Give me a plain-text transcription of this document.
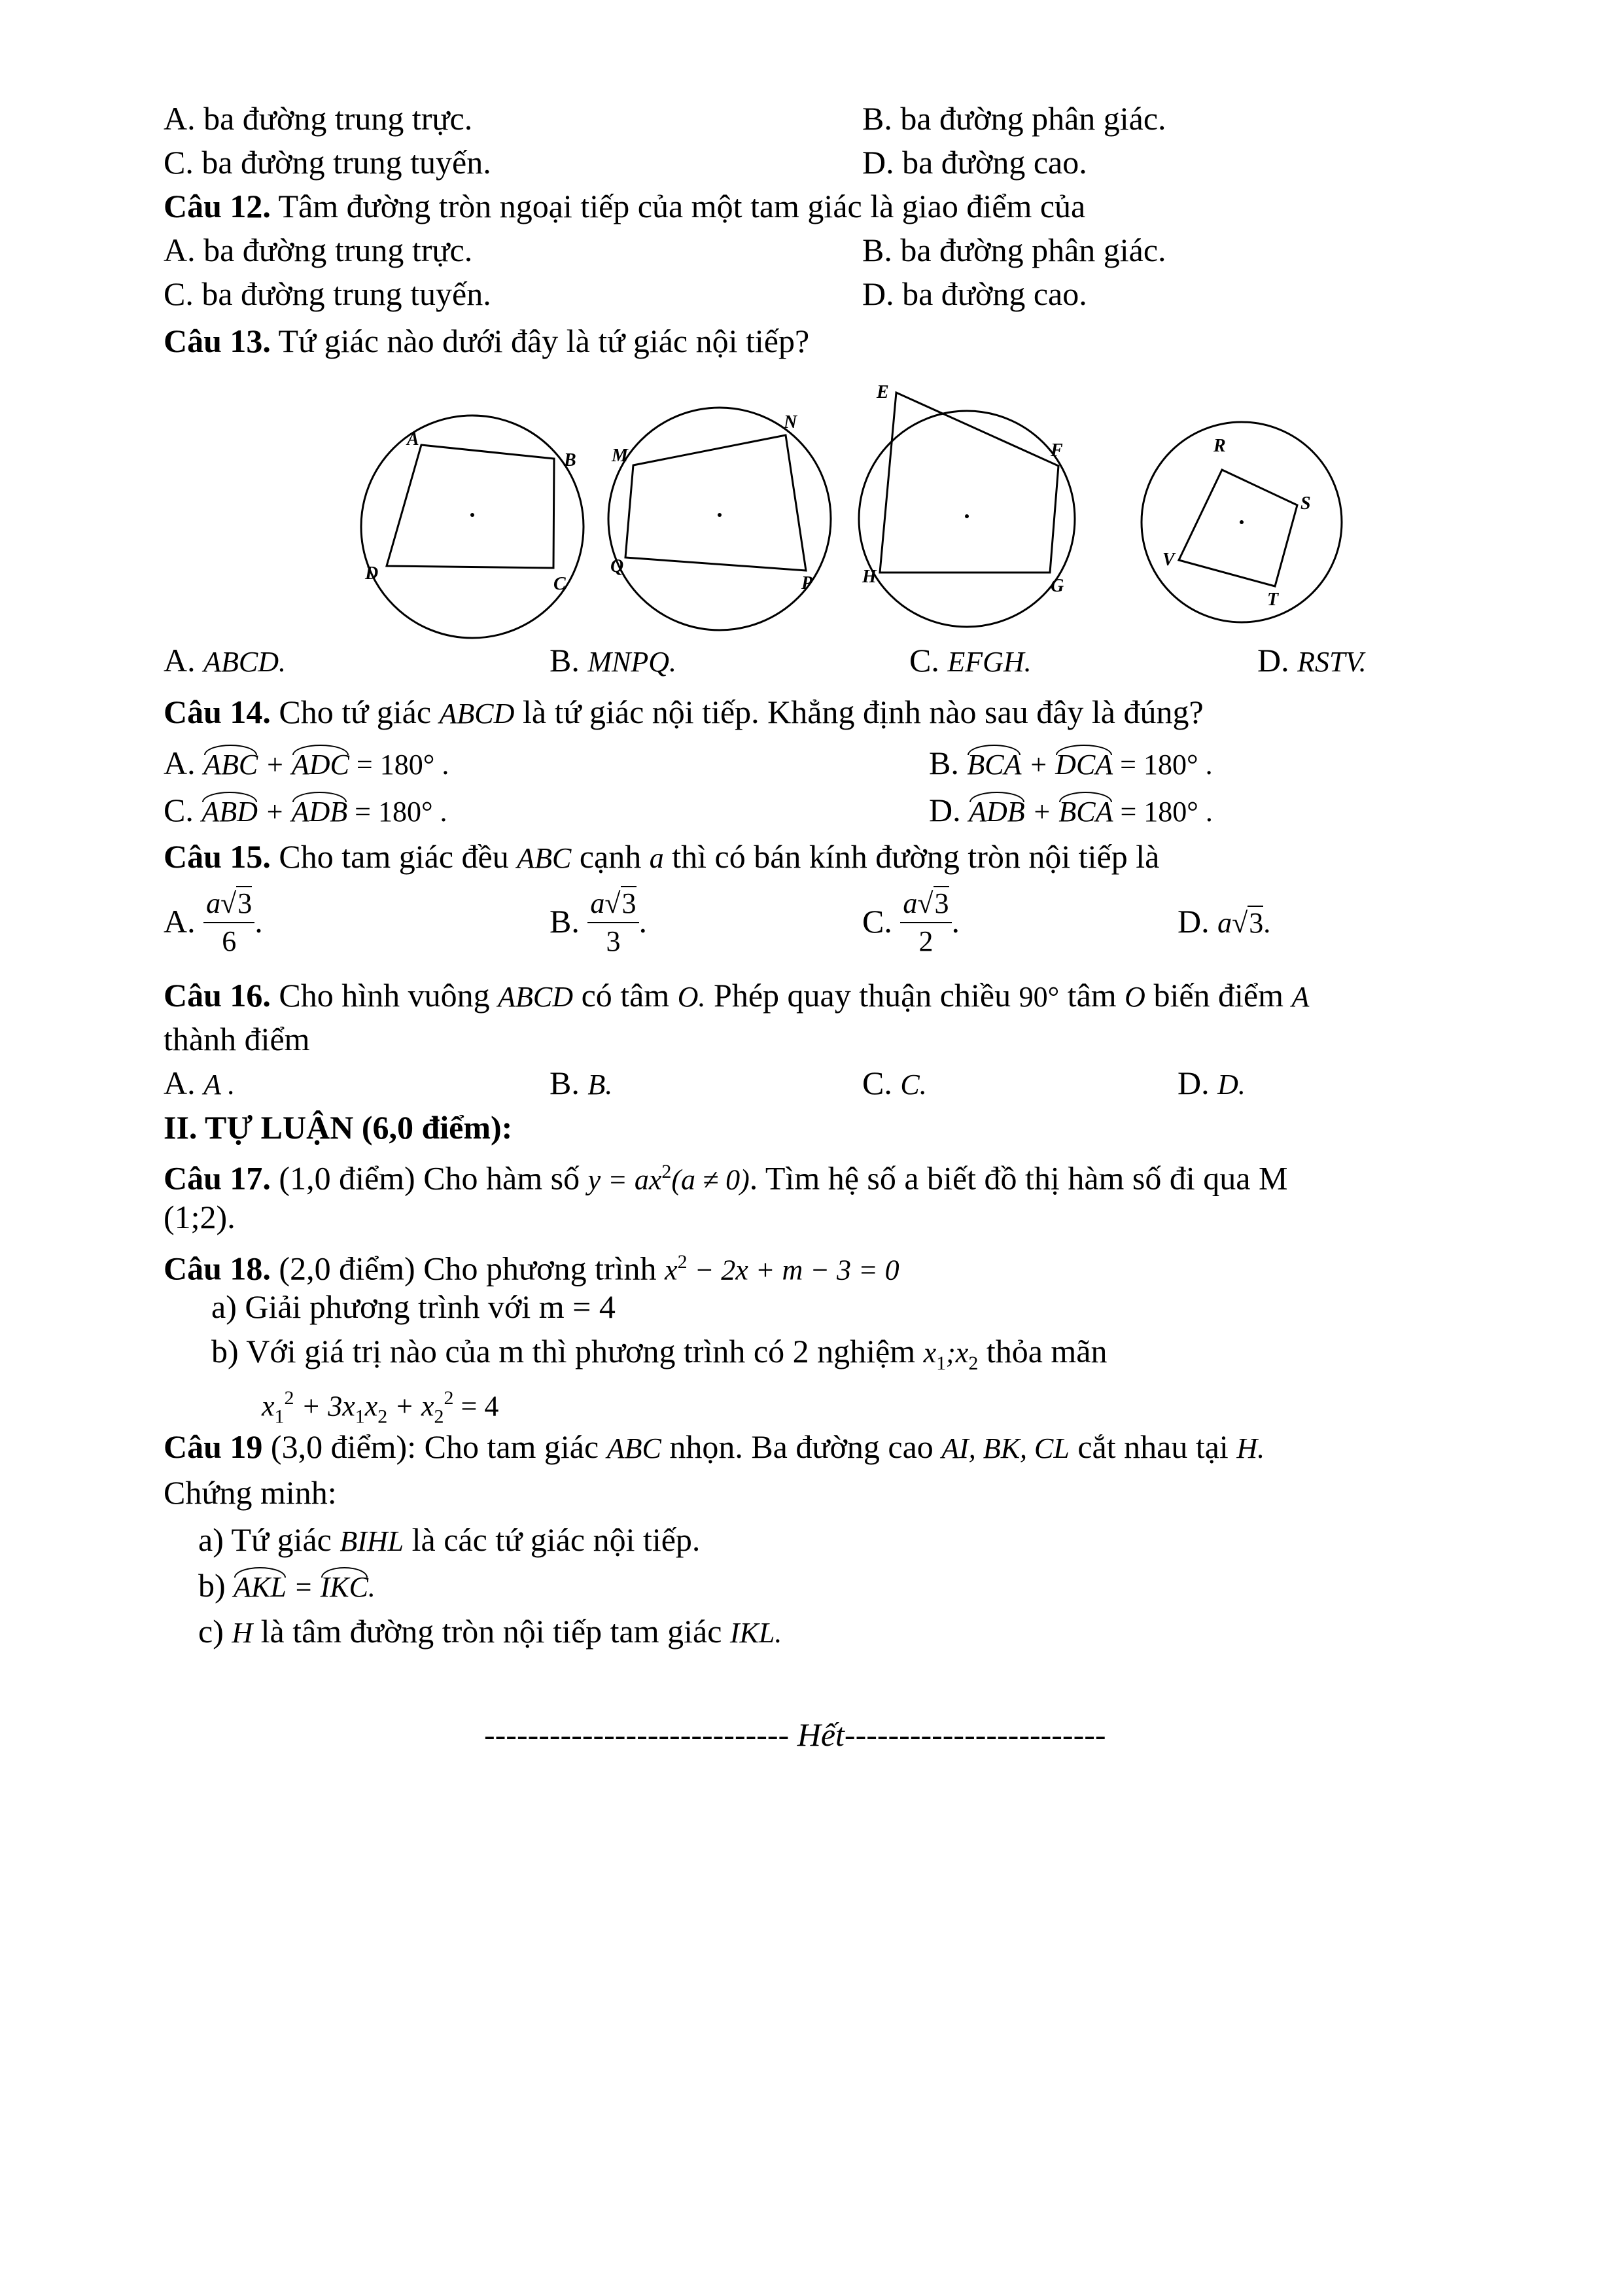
A. ba đường trung trực.	B. ba đường phân giác.
C. ba đường trung tuyến.	D. ba đường cao.
Câu 12. Tâm đường tròn ngoại tiếp của một tam giác là giao điểm của
A. ba đường trung trực.	B. ba đường phân giác.
C. ba đường trung tuyến.	D. ba đường cao.
Câu 13. Tứ giác nào dưới đây là tứ giác nội tiếp?
A
B
C
D
M
N
P
Q
E
F
G
H
R
S
T
V
A. ABCD.	B. MNPQ.	C. EFGH.	D. RSTV.
Câu 14. Cho tứ giác ABCD là tứ giác nội tiếp. Khẳng định nào sau đây là đúng?
A. ABC + ADC = 180° .	B. BCA + DCA = 180° .
C. ABD + ADB = 180° .	D. ADB + BCA = 180° .
Câu 15. Cho tam giác đều ABC cạnh a thì có bán kính đường tròn nội tiếp là
A. $\frac{a√3}{6}$ .	B. $\frac{a√3}{3}$ .	C. $\frac{a√3}{2}$ .	D. a√3.
Câu 16. Cho hình vuông ABCD có tâm O. Phép quay thuận chiều 90° tâm O biến điểm A
thành điểm
A. A .	B. B.	C. C.	D. D.
II. TỰ LUẬN (6,0 điểm):
Câu 17. (1,0 điểm) Cho hàm số $y = ax^2(a \ne 0)$. Tìm hệ số a biết đồ thị hàm số đi qua M
(1;2).
Câu 18. (2,0 điểm) Cho phương trình $x^2 - 2x + m - 3 = 0$
a) Giải phương trình với m = 4
b) Với giá trị nào của m thì phương trình có 2 nghiệm $x_1;x_2$ thỏa mãn
$x_1^2 + 3x_1x_2 + x_2^2 = 4$
Câu 19 (3,0 điểm): Cho tam giác ABC nhọn. Ba đường cao AI, BK, CL cắt nhau tại H.
Chứng minh:
a) Tứ giác BIHL là các tứ giác nội tiếp.
b) AKL = IKC.
c) H là tâm đường tròn nội tiếp tam giác IKL.
---------------------------- Hết------------------------
